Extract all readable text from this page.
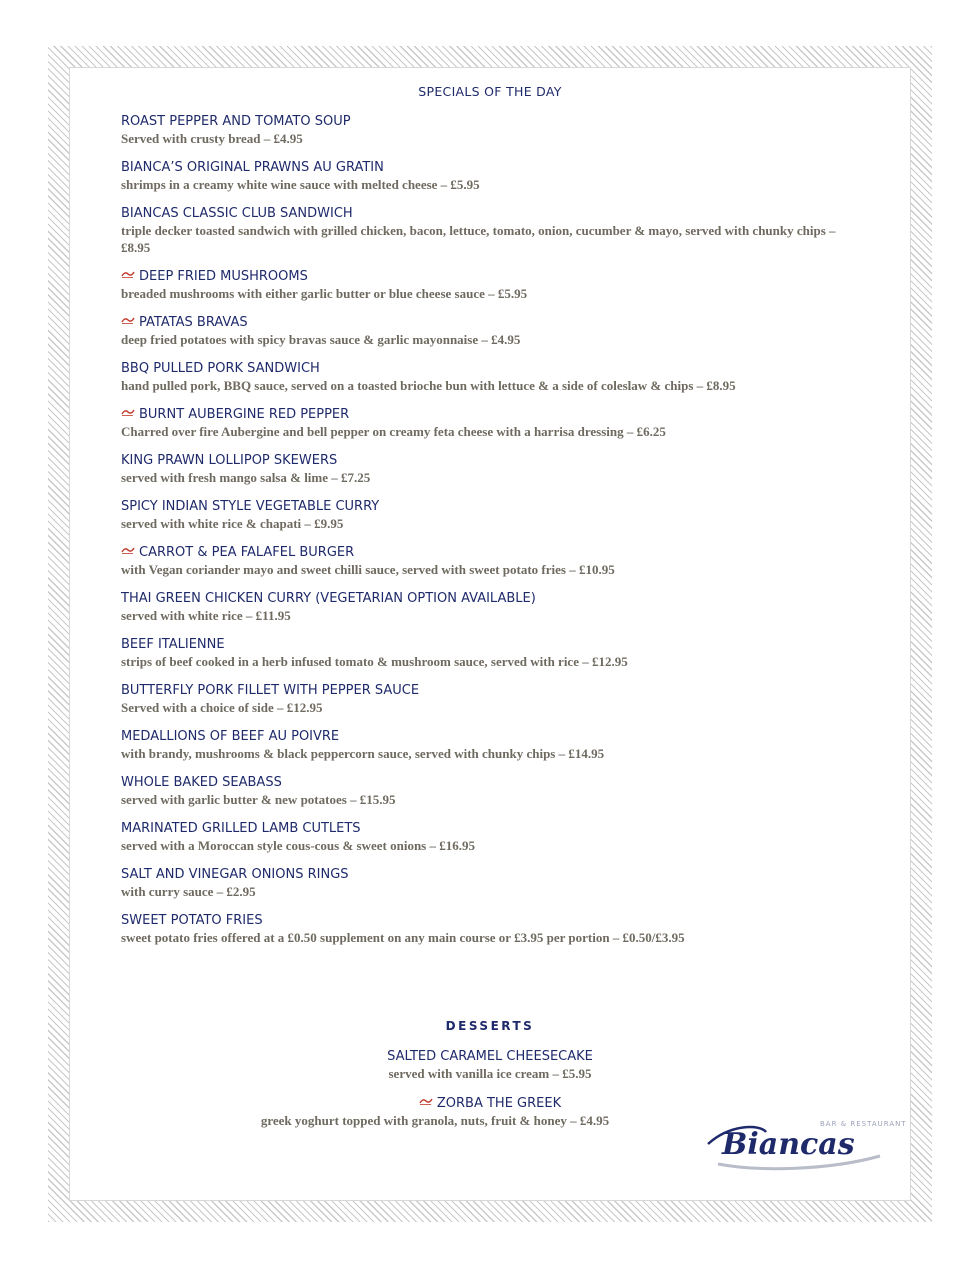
SPECIALS OF THE DAY
ROAST PEPPER AND TOMATO SOUP
Served with crusty bread – £4.95
BIANCA’S ORIGINAL PRAWNS AU GRATIN
shrimps in a creamy white wine sauce with melted cheese – £5.95
BIANCAS CLASSIC CLUB SANDWICH
triple decker toasted sandwich with grilled chicken, bacon, lettuce, tomato, onion, cucumber & mayo, served with chunky chips – £8.95
DEEP FRIED MUSHROOMS
breaded mushrooms with either garlic butter or blue cheese sauce – £5.95
PATATAS BRAVAS
deep fried potatoes with spicy bravas sauce & garlic mayonnaise – £4.95
BBQ PULLED PORK SANDWICH
hand pulled pork, BBQ sauce, served on a toasted brioche bun with lettuce & a side of coleslaw & chips – £8.95
BURNT AUBERGINE RED PEPPER
Charred over fire Aubergine and bell pepper on creamy feta cheese with a harrisa dressing – £6.25
KING PRAWN LOLLIPOP SKEWERS
served with fresh mango salsa & lime – £7.25
SPICY INDIAN STYLE VEGETABLE CURRY
served with white rice & chapati – £9.95
CARROT & PEA FALAFEL BURGER
with Vegan coriander mayo and sweet chilli sauce, served with sweet potato fries – £10.95
THAI GREEN CHICKEN CURRY (VEGETARIAN OPTION AVAILABLE)
served with white rice – £11.95
BEEF ITALIENNE
strips of beef cooked in a herb infused tomato & mushroom sauce, served with rice – £12.95
BUTTERFLY PORK FILLET WITH PEPPER SAUCE
Served with a choice of side – £12.95
MEDALLIONS OF BEEF AU POIVRE
with brandy, mushrooms & black peppercorn sauce, served with chunky chips – £14.95
WHOLE BAKED SEABASS
served with garlic butter & new potatoes – £15.95
MARINATED GRILLED LAMB CUTLETS
served with a Moroccan style cous-cous & sweet onions – £16.95
SALT AND VINEGAR ONIONS RINGS
with curry sauce – £2.95
SWEET POTATO FRIES
sweet potato fries offered at a £0.50 supplement on any main course or £3.95 per portion – £0.50/£3.95
DESSERTS
SALTED CARAMEL CHEESECAKE
served with vanilla ice cream – £5.95
ZORBA THE GREEK
greek yoghurt topped with granola, nuts, fruit & honey – £4.95	BAR & RESTAURANT
Biancas
